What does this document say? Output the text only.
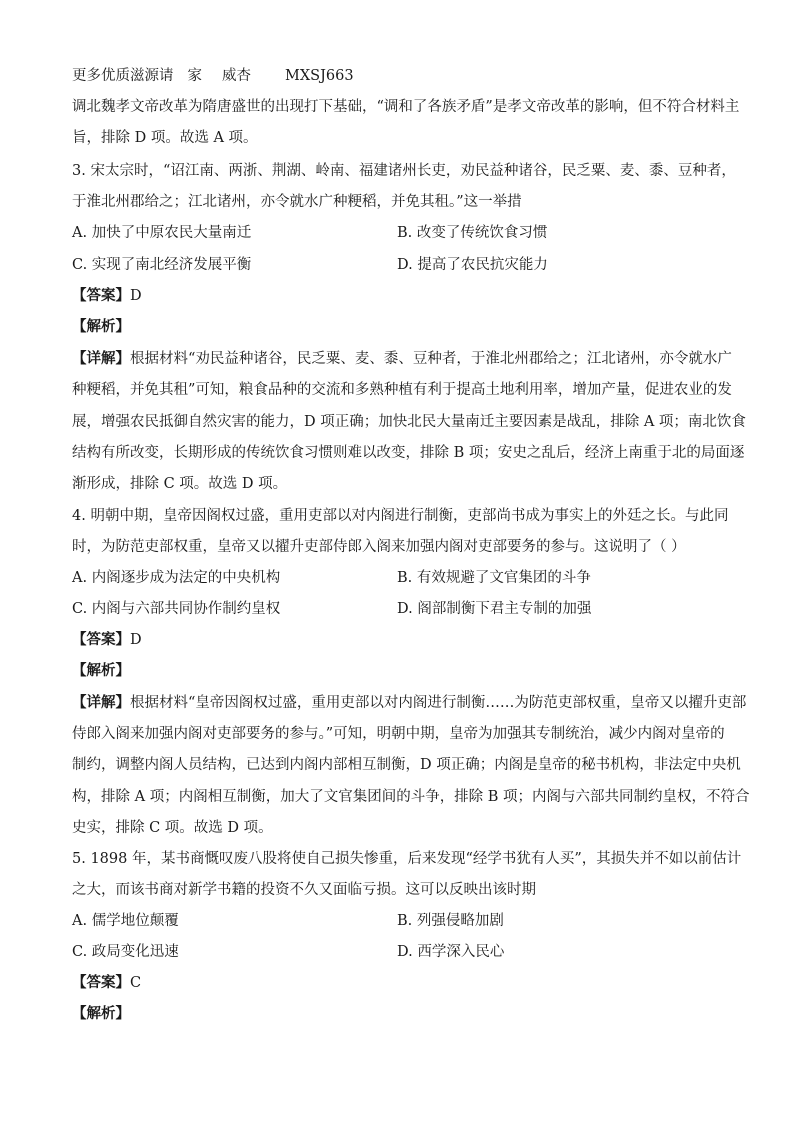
更多优质滋源请 家 威杏 MXSJ663
调北魏孝文帝改革为隋唐盛世的出现打下基础，“调和了各族矛盾”是孝文帝改革的影响，但不符合材料主
旨，排除 D 项。故选 A 项。
3. 宋太宗时，“诏江南、两浙、荆湖、岭南、福建诸州长吏，劝民益种诸谷，民乏粟、麦、黍、豆种者，
于淮北州郡给之；江北诸州，亦令就水广种粳稻，并免其租。”这一举措
A. 加快了中原农民大量南迁	B. 改变了传统饮食习惯
C. 实现了南北经济发展平衡	D. 提高了农民抗灾能力
【答案】D
【解析】
【详解】根据材料“劝民益种诸谷，民乏粟、麦、黍、豆种者，于淮北州郡给之；江北诸州，亦令就水广
种粳稻，并免其租”可知，粮食品种的交流和多熟种植有利于提高土地利用率，增加产量，促进农业的发
展，增强农民抵御自然灾害的能力，D 项正确；加快北民大量南迁主要因素是战乱，排除 A 项；南北饮食
结构有所改变，长期形成的传统饮食习惯则难以改变，排除 B 项；安史之乱后，经济上南重于北的局面逐
渐形成，排除 C 项。故选 D 项。
4. 明朝中期，皇帝因阁权过盛，重用吏部以对内阁进行制衡，吏部尚书成为事实上的外廷之长。与此同
时，为防范吏部权重，皇帝又以擢升吏部侍郎入阁来加强内阁对吏部要务的参与。这说明了（ ）
A. 内阁逐步成为法定的中央机构	B. 有效规避了文官集团的斗争
C. 内阁与六部共同协作制约皇权	D. 阁部制衡下君主专制的加强
【答案】D
【解析】
【详解】根据材料“皇帝因阁权过盛，重用吏部以对内阁进行制衡……为防范吏部权重，皇帝又以擢升吏部
侍郎入阁来加强内阁对吏部要务的参与。”可知，明朝中期，皇帝为加强其专制统治，减少内阁对皇帝的
制约，调整内阁人员结构，已达到内阁内部相互制衡，D 项正确；内阁是皇帝的秘书机构，非法定中央机
构，排除 A 项；内阁相互制衡，加大了文官集团间的斗争，排除 B 项；内阁与六部共同制约皇权，不符合
史实，排除 C 项。故选 D 项。
5. 1898 年，某书商慨叹废八股将使自己损失惨重，后来发现“经学书犹有人买”，其损失并不如以前估计
之大，而该书商对新学书籍的投资不久又面临亏损。这可以反映出该时期
A. 儒学地位颠覆	B. 列强侵略加剧
C. 政局变化迅速	D. 西学深入民心
【答案】C
【解析】
